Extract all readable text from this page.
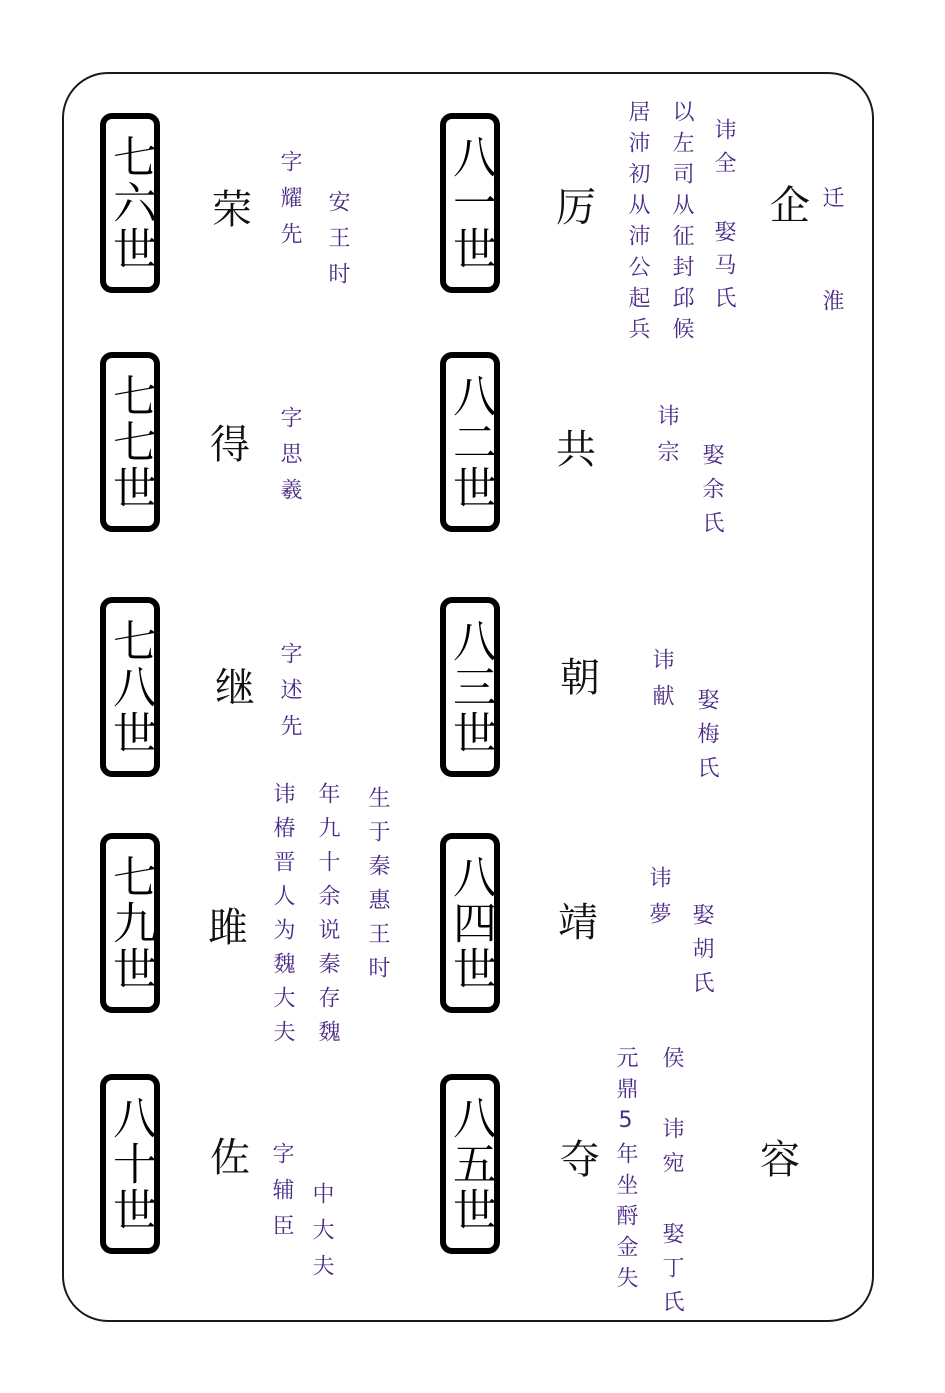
七六世 荣 字耀先 安王时
七七世 得 字思羲
七八世 继 字述先
七九世 雎 讳椿晋人为魏大夫 年九十余说秦存魏 生于秦惠王时
八十世 佐 字辅臣 中大夫
八一世 厉 居沛初从沛公起兵 以左司从征封邱候 讳全 娶马氏 企 迁 淮
八二世 共	讳宗
娶余氏
八三世 朝 讳献
娶梅氏
八四世 靖 讳夢
娶胡氏
八五世 夺 元鼎5年坐酹金失 侯 讳宛 娶丁氏 容
